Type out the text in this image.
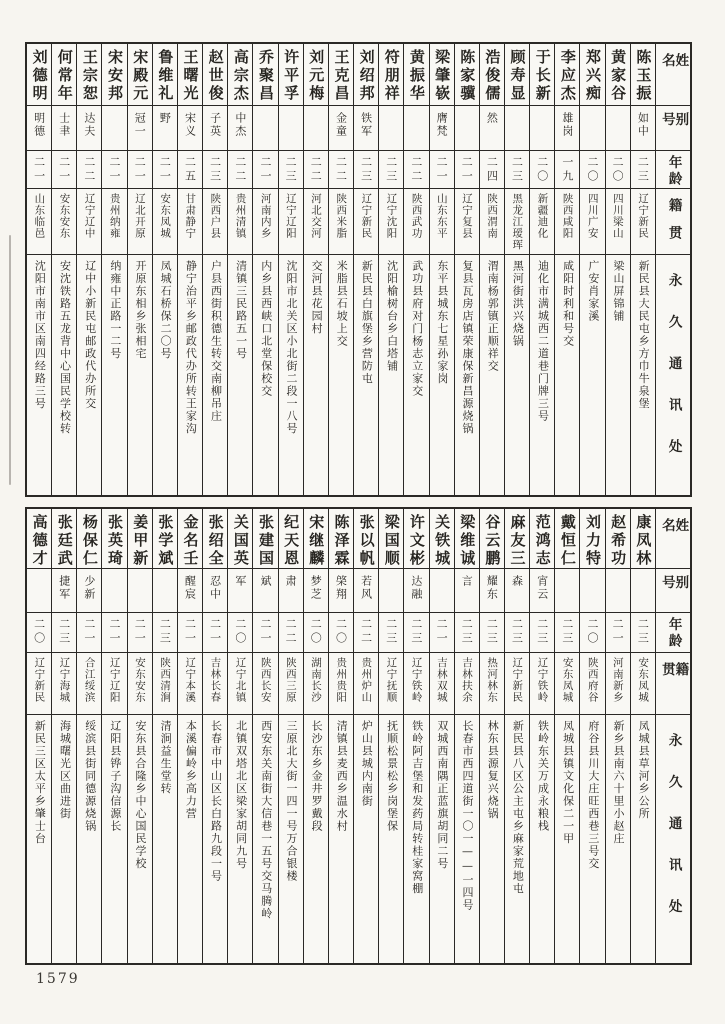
刘德明
明德
二一
山东临邑
沈阳市南市区南四经路三号
何常年
士聿
二一
安东安东
安沈铁路五龙背中心国民学校转
王宗恕
达夫
二二
辽宁辽中
辽中小新民屯邮政代办所交
宋安邦
二一
贵州纳雍
纳雍中正路一二号
宋殿元
冠一
二一
辽北开原
开原东相乡张相宅
鲁维礼
野
二一
安东凤城
凤城石桥保二〇号
王曙光
宋义
二五
甘肃静宁
静宁治平乡邮政代办所转王家沟
赵世俊
子英
二三
陕西户县
户县西街积德生转交南柳吊庄
高宗杰
中杰
二二
贵州清镇
清镇三民路五一号
乔聚昌
二一
河南内乡
内乡县西峡口北堂保校交
许平孚
二三
辽宁辽阳
沈阳市北关区小北街二段一八号
刘元梅
二二
河北交河
交河县花园村
王克昌
金童
二二
陕西米脂
米脂县石坡上交
刘绍邦
铁军
二三
辽宁新民
新民县白旗堡乡营防屯
符朋祥
二三
辽宁沈阳
沈阳榆树台乡白塔铺
黄振华
二二
陕西武功
武功县府对门杨志立家交
梁肇嵚
膺梵
二一
山东东平
东平县城东七星孙家岗
陈家骥
二一
辽宁复县
复县瓦房店镇荣康保新昌源烧锅
浩俊儒
然
二四
陕西渭南
渭南杨郭镇正顺祥交
顾寿显
二三
黑龙江瑷珲
黑河街洪兴烧锅
于长新
二〇
新疆迪化
迪化市满城西二道巷门牌三号
李应杰
雄岗
一九
陕西咸阳
咸阳时利和号交
郑兴痴
二〇
四川广安
广安肖家溪
黄家谷
二〇
四川梁山
梁山屏锦铺
陈玉振
如中
二三
辽宁新民
新民县大民屯乡方巾牛泉堡
姓名
别号
年龄
籍贯
永久通讯处
高德才
二〇
辽宁新民
新民三区太平乡肇士台
张廷武
捷军
二三
辽宁海城
海城曙光区曲进街
杨保仁
少新
二一
合江绥滨
绥滨县街同德源烧锅
张英琦
二一
辽宁辽阳
辽阳县铧子沟信源长
姜甲新
二一
安东安东
安东县合隆乡中心国民学校
张学斌
二三
陕西清涧
清涧益生堂转
金名壬
醒宸
二一
辽宁本溪
本溪偏岭乡高力营
张绍全
忍中
二一
吉林长春
长春市中山区长白路九段一号
关国英
军
二〇
辽宁北镇
北镇双塔北区梁家胡同九号
张建国
斌
二一
陕西长安
西安东关南街大信巷一五号交马腾岭
纪天恩
肃
二二
陕西三原
三原北大街一四一号万合银楼
宋继麟
梦芝
二〇
湖南长沙
长沙东乡金井罗戴段
陈泽霖
棨翔
二〇
贵州贵阳
清镇县麦西乡温水村
张以帆
若风
二二
贵州炉山
炉山县城内南街
梁国顺
二三
辽宁抚顺
抚顺松景松乡岗堡保
许文彬
达融
二三
辽宁铁岭
铁岭阿吉堡和发药局转桂家窝棚
关铁城
二一
吉林双城
双城西南隅正蓝旗胡同二号
梁维诚
言
二三
吉林扶余
长春市西四道街一〇一——一四号
谷云鹏
耀东
二三
热河林东
林东县源复兴烧锅
麻友三
森
二三
辽宁新民
新民县八区公主屯乡麻家荒地屯
范鸿志
宵云
二三
辽宁铁岭
铁岭东关万成永粮栈
戴恒仁
二三
安东凤城
凤城县镇文化保二一甲
刘力特
二〇
陕西府谷
府谷县川大庄旺西巷三号交
赵希功
二一
河南新乡
新乡县南六十里小赵庄
康凤林
二三
安东凤城
凤城县草河乡公所
姓名
别号
年龄
籍贯
永久通讯处
1579
